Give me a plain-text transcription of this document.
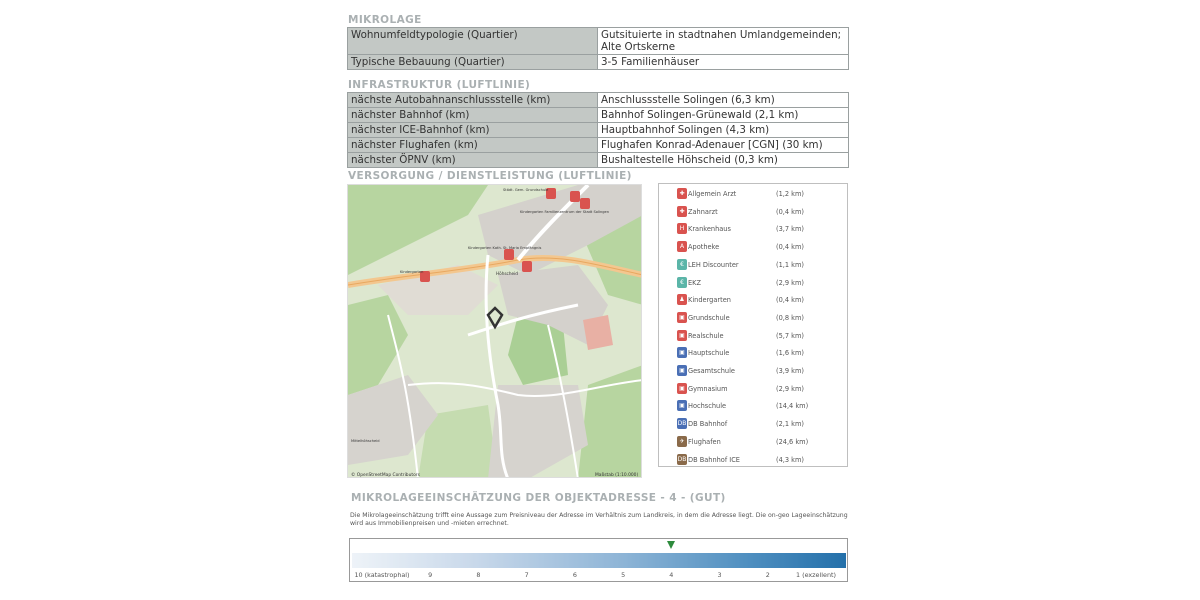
MIKROLAGE
Wohnumfeldtypologie (Quartier)	Gutsituierte in stadtnahen Umlandgemeinden; Alte Ortskerne
Typische Bebauung (Quartier)	3-5 Familienhäuser
INFRASTRUKTUR (LUFTLINIE)
nächste Autobahnanschlussstelle (km)	Anschlussstelle Solingen (6,3 km)
nächster Bahnhof (km)	Bahnhof Solingen-Grünewald (2,1 km)
nächster ICE-Bahnhof (km)	Hauptbahnhof Solingen (4,3 km)
nächster Flughafen (km)	Flughafen Konrad-Adenauer [CGN] (30 km)
nächster ÖPNV (km)	Bushaltestelle Höhscheid (0,3 km)
VERSORGUNG / DIENSTLEISTUNG (LUFTLINIE)
Städt. Gem. Grundschule
Kindergarten Familienzentrum der Stadt Solingen
Kindergarten Kath. St. Maria Empfängnis
Höhscheid
Kindergarten
Mittelhöhscheid
© OpenStreetMap Contributors	Maßstab (1:10.000)
✚ Allgemein Arzt	(1,2 km)
✚ Zahnarzt	(0,4 km)
H Krankenhaus	(3,7 km)
A Apotheke	(0,4 km)
€ LEH Discounter	(1,1 km)
€ EKZ	(2,9 km)
♟ Kindergarten	(0,4 km)
▣ Grundschule	(0,8 km)
▣ Realschule	(5,7 km)
▣ Hauptschule	(1,6 km)
▣ Gesamtschule	(3,9 km)
▣ Gymnasium	(2,9 km)
▣ Hochschule	(14,4 km)
DB DB Bahnhof	(2,1 km)
✈ Flughafen	(24,6 km)
DB DB Bahnhof ICE	(4,3 km)
MIKROLAGEEINSCHÄTZUNG DER OBJEKTADRESSE - 4 - (GUT)
Die Mikrolageeinschätzung trifft eine Aussage zum Preisniveau der Adresse im Verhältnis zum Landkreis, in dem die Adresse liegt. Die on-geo Lageeinschätzung wird aus Immobilienpreisen und -mieten errechnet.
10 (katastrophal)	9	8	7	6	5	4	3	2	1 (exzellent)
